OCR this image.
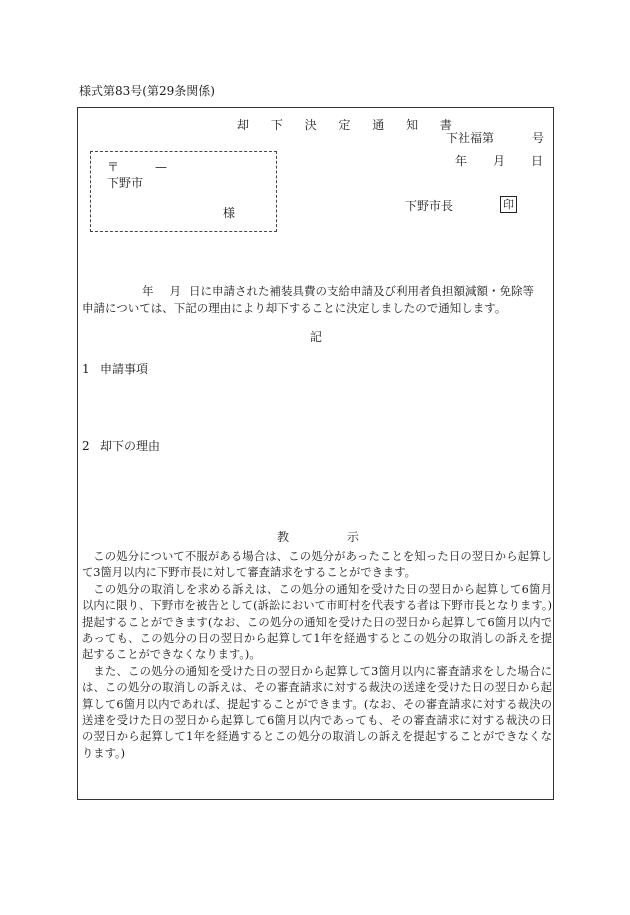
様式第83号(第29条関係)
却 下 決 定 通 知 書
下社福第	号
年 月 日
〒	—
下野市
様	下野市長	印
年 月 日に申請された補装具費の支給申請及び利用者負担額減額・免除等
申請については、下記の理由により却下することに決定しましたので通知します。
記
1 申請事項
2 却下の理由
教	示

この処分について不服がある場合は、この処分があったことを知った日の翌日から起算して3箇月以内に下野市長に対して審査請求をすることができます。

この処分の取消しを求める訴えは、この処分の通知を受けた日の翌日から起算して6箇月以内に限り、下野市を被告として(訴訟において市町村を代表する者は下野市長となります。)提起することができます(なお、この処分の通知を受けた日の翌日から起算して6箇月以内であっても、この処分の日の翌日から起算して1年を経過するとこの処分の取消しの訴えを提起することができなくなります。)。

また、この処分の通知を受けた日の翌日から起算して3箇月以内に審査請求をした場合には、この処分の取消しの訴えは、その審査請求に対する裁決の送達を受けた日の翌日から起算して6箇月以内であれば、提起することができます。(なお、その審査請求に対する裁決の送達を受けた日の翌日から起算して6箇月以内であっても、その審査請求に対する裁決の日の翌日から起算して1年を経過するとこの処分の取消しの訴えを提起することができなくなります。)
